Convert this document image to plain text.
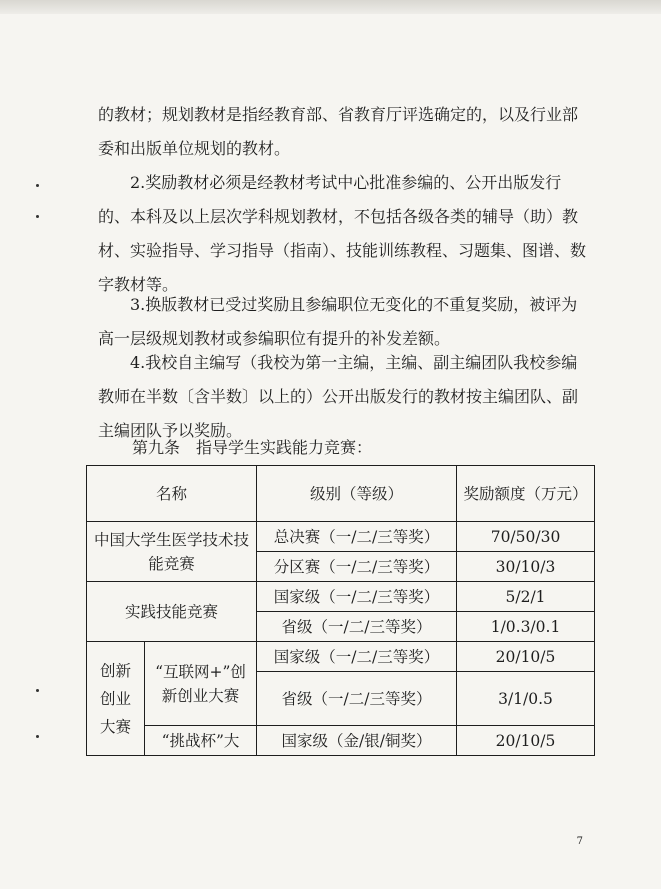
的教材；规划教材是指经教育部、省教育厅评选确定的，以及行业部委和出版单位规划的教材。

2.奖励教材必须是经教材考试中心批准参编的、公开出版发行的、本科及以上层次学科规划教材，不包括各级各类的辅导（助）教材、实验指导、学习指导（指南）、技能训练教程、习题集、图谱、数字教材等。

3.换版教材已受过奖励且参编职位无变化的不重复奖励，被评为高一层级规划教材或参编职位有提升的补发差额。

4.我校自主编写（我校为第一主编，主编、副主编团队我校参编教师在半数〔含半数〕以上的）公开出版发行的教材按主编团队、副主编团队予以奖励。

第九条　指导学生实践能力竞赛：

名称		级别（等级）	奖励额度（万元）
中国大学生医学技术技能竞赛		总决赛（一/二/三等奖）	70/50/30
		分区赛（一/二/三等奖）	30/10/3
实践技能竞赛		国家级（一/二/三等奖）	5/2/1
		省级（一/二/三等奖）	1/0.3/0.1
创新创业大赛	“互联网+”创新创业大赛	国家级（一/二/三等奖）	20/10/5
		省级（一/二/三等奖）	3/1/0.5
	“挑战杯”大	国家级（金/银/铜奖）	20/10/5
7
